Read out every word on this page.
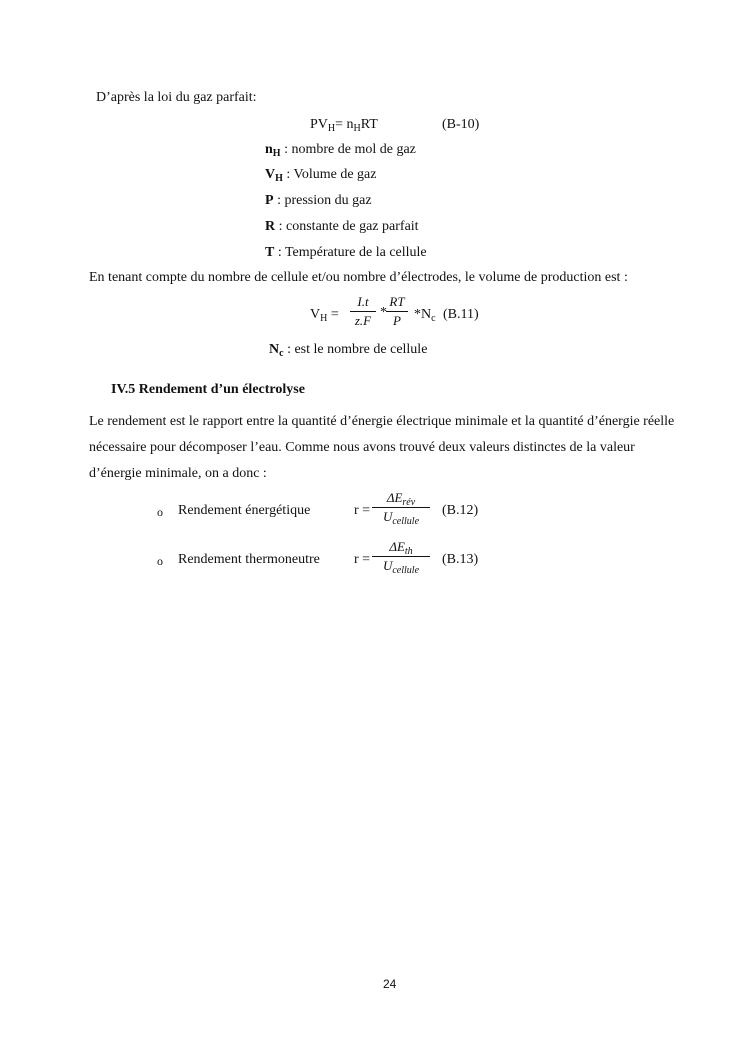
D’après la loi du gaz parfait:
$PV_H= n_HRT$	(B-10)
$n_H$ : nombre de mol de gaz
$V_H$ : Volume de gaz
P : pression du gaz
R : constante de gaz parfait
T : Température de la cellule
En tenant compte du nombre de cellule et/ou nombre d’électrodes, le volume de production est :
$V_H$ =
I.t
z.F
*
RT
P $*N_c$ (B.11)
$N_c$ : est le nombre de cellule
IV.5 Rendement d’un électrolyse
Le rendement est le rapport entre la quantité d’énergie électrique minimale et la quantité d’énergie réelle nécessaire pour décomposer l’eau. Comme nous avons trouvé deux valeurs distinctes de la valeur d’énergie minimale, on a donc :
o Rendement énergétique	r =
$\Delta E_{rév}$
$U_{cellule}$
(B.12)
o Rendement thermoneutre r =
$\Delta E_{th}$
$U_{cellule}$
(B.13)
24
